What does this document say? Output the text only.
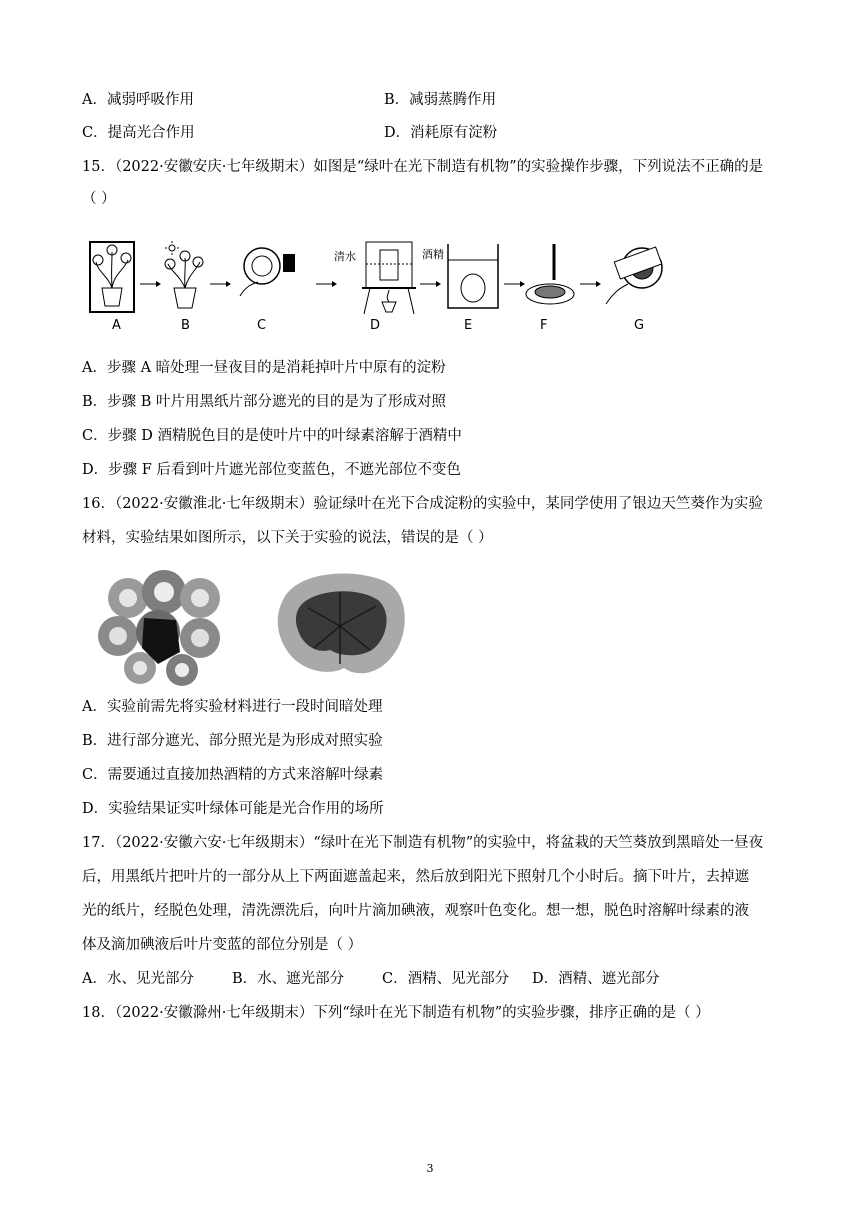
A．减弱呼吸作用	B．减弱蒸腾作用
C．提高光合作用	D．消耗原有淀粉
15．（2022·安徽安庆·七年级期末）如图是“绿叶在光下制造有机物”的实验操作步骤，下列说法不正确的是
（ ）
清水	酒精
A	B	C	D	E	F	G
A．步骤 A 暗处理一昼夜目的是消耗掉叶片中原有的淀粉
B．步骤 B 叶片用黑纸片部分遮光的目的是为了形成对照
C．步骤 D 酒精脱色目的是使叶片中的叶绿素溶解于酒精中
D．步骤 F 后看到叶片遮光部位变蓝色，不遮光部位不变色
16．（2022·安徽淮北·七年级期末）验证绿叶在光下合成淀粉的实验中，某同学使用了银边天竺葵作为实验
材料，实验结果如图所示，以下关于实验的说法，错误的是（ ）
A．实验前需先将实验材料进行一段时间暗处理
B．进行部分遮光、部分照光是为形成对照实验
C．需要通过直接加热酒精的方式来溶解叶绿素
D．实验结果证实叶绿体可能是光合作用的场所
17．（2022·安徽六安·七年级期末）“绿叶在光下制造有机物”的实验中，将盆栽的天竺葵放到黑暗处一昼夜
后，用黑纸片把叶片的一部分从上下两面遮盖起来，然后放到阳光下照射几个小时后。摘下叶片，去掉遮
光的纸片，经脱色处理，清洗漂洗后，向叶片滴加碘液，观察叶色变化。想一想，脱色时溶解叶绿素的液
体及滴加碘液后叶片变蓝的部位分别是（ ）
A．水、见光部分	B．水、遮光部分	C．酒精、见光部分 D．酒精、遮光部分
18．（2022·安徽滁州·七年级期末）下列“绿叶在光下制造有机物”的实验步骤，排序正确的是（ ）
3
